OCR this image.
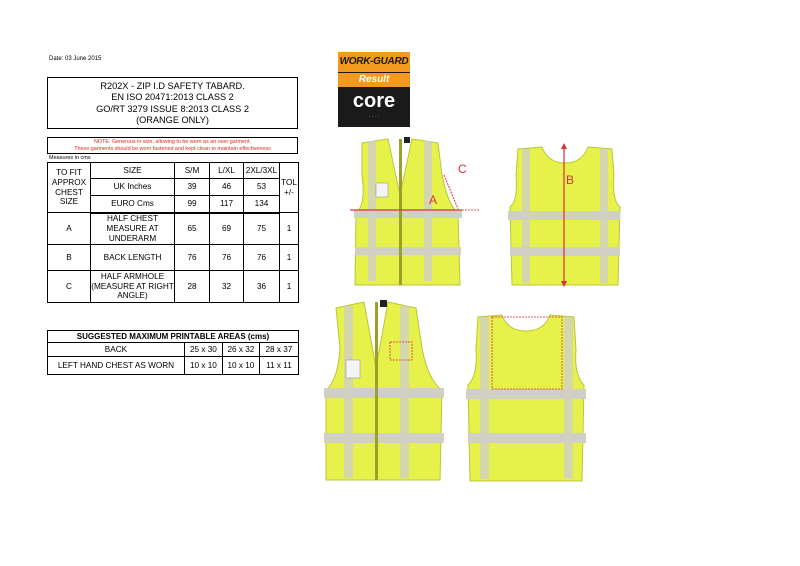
Date: 03 June 2015
R202X - ZIP I.D SAFETY TABARD.
EN ISO 20471:2013 CLASS 2
GO/RT 3279 ISSUE 8:2013 CLASS 2
(ORANGE ONLY)
NOTE: Generous in size, allowing to be worn as an over garment.
These garments should be worn fastened and kept clean to maintain effectiveness
Measures in cms
TO FIT APPROX CHEST SIZE	SIZE	S/M	L/XL	2XL/3XL	TOL +/-
	UK Inches	39	46	53	
	EURO Cms	99	117	134	
A	HALF CHEST MEASURE AT UNDERARM	65	69	75	1
B	BACK LENGTH	76	76	76	1
C	HALF ARMHOLE (MEASURE AT RIGHT ANGLE)	28	32	36	1
SUGGESTED MAXIMUM PRINTABLE AREAS (cms)			
BACK	25 x 30	26 x 32	28 x 37
LEFT HAND CHEST AS WORN	10 x 10	10 x 10	11 x 11
WORK-GUARD
Result
core
· · · ·
A
C
B
